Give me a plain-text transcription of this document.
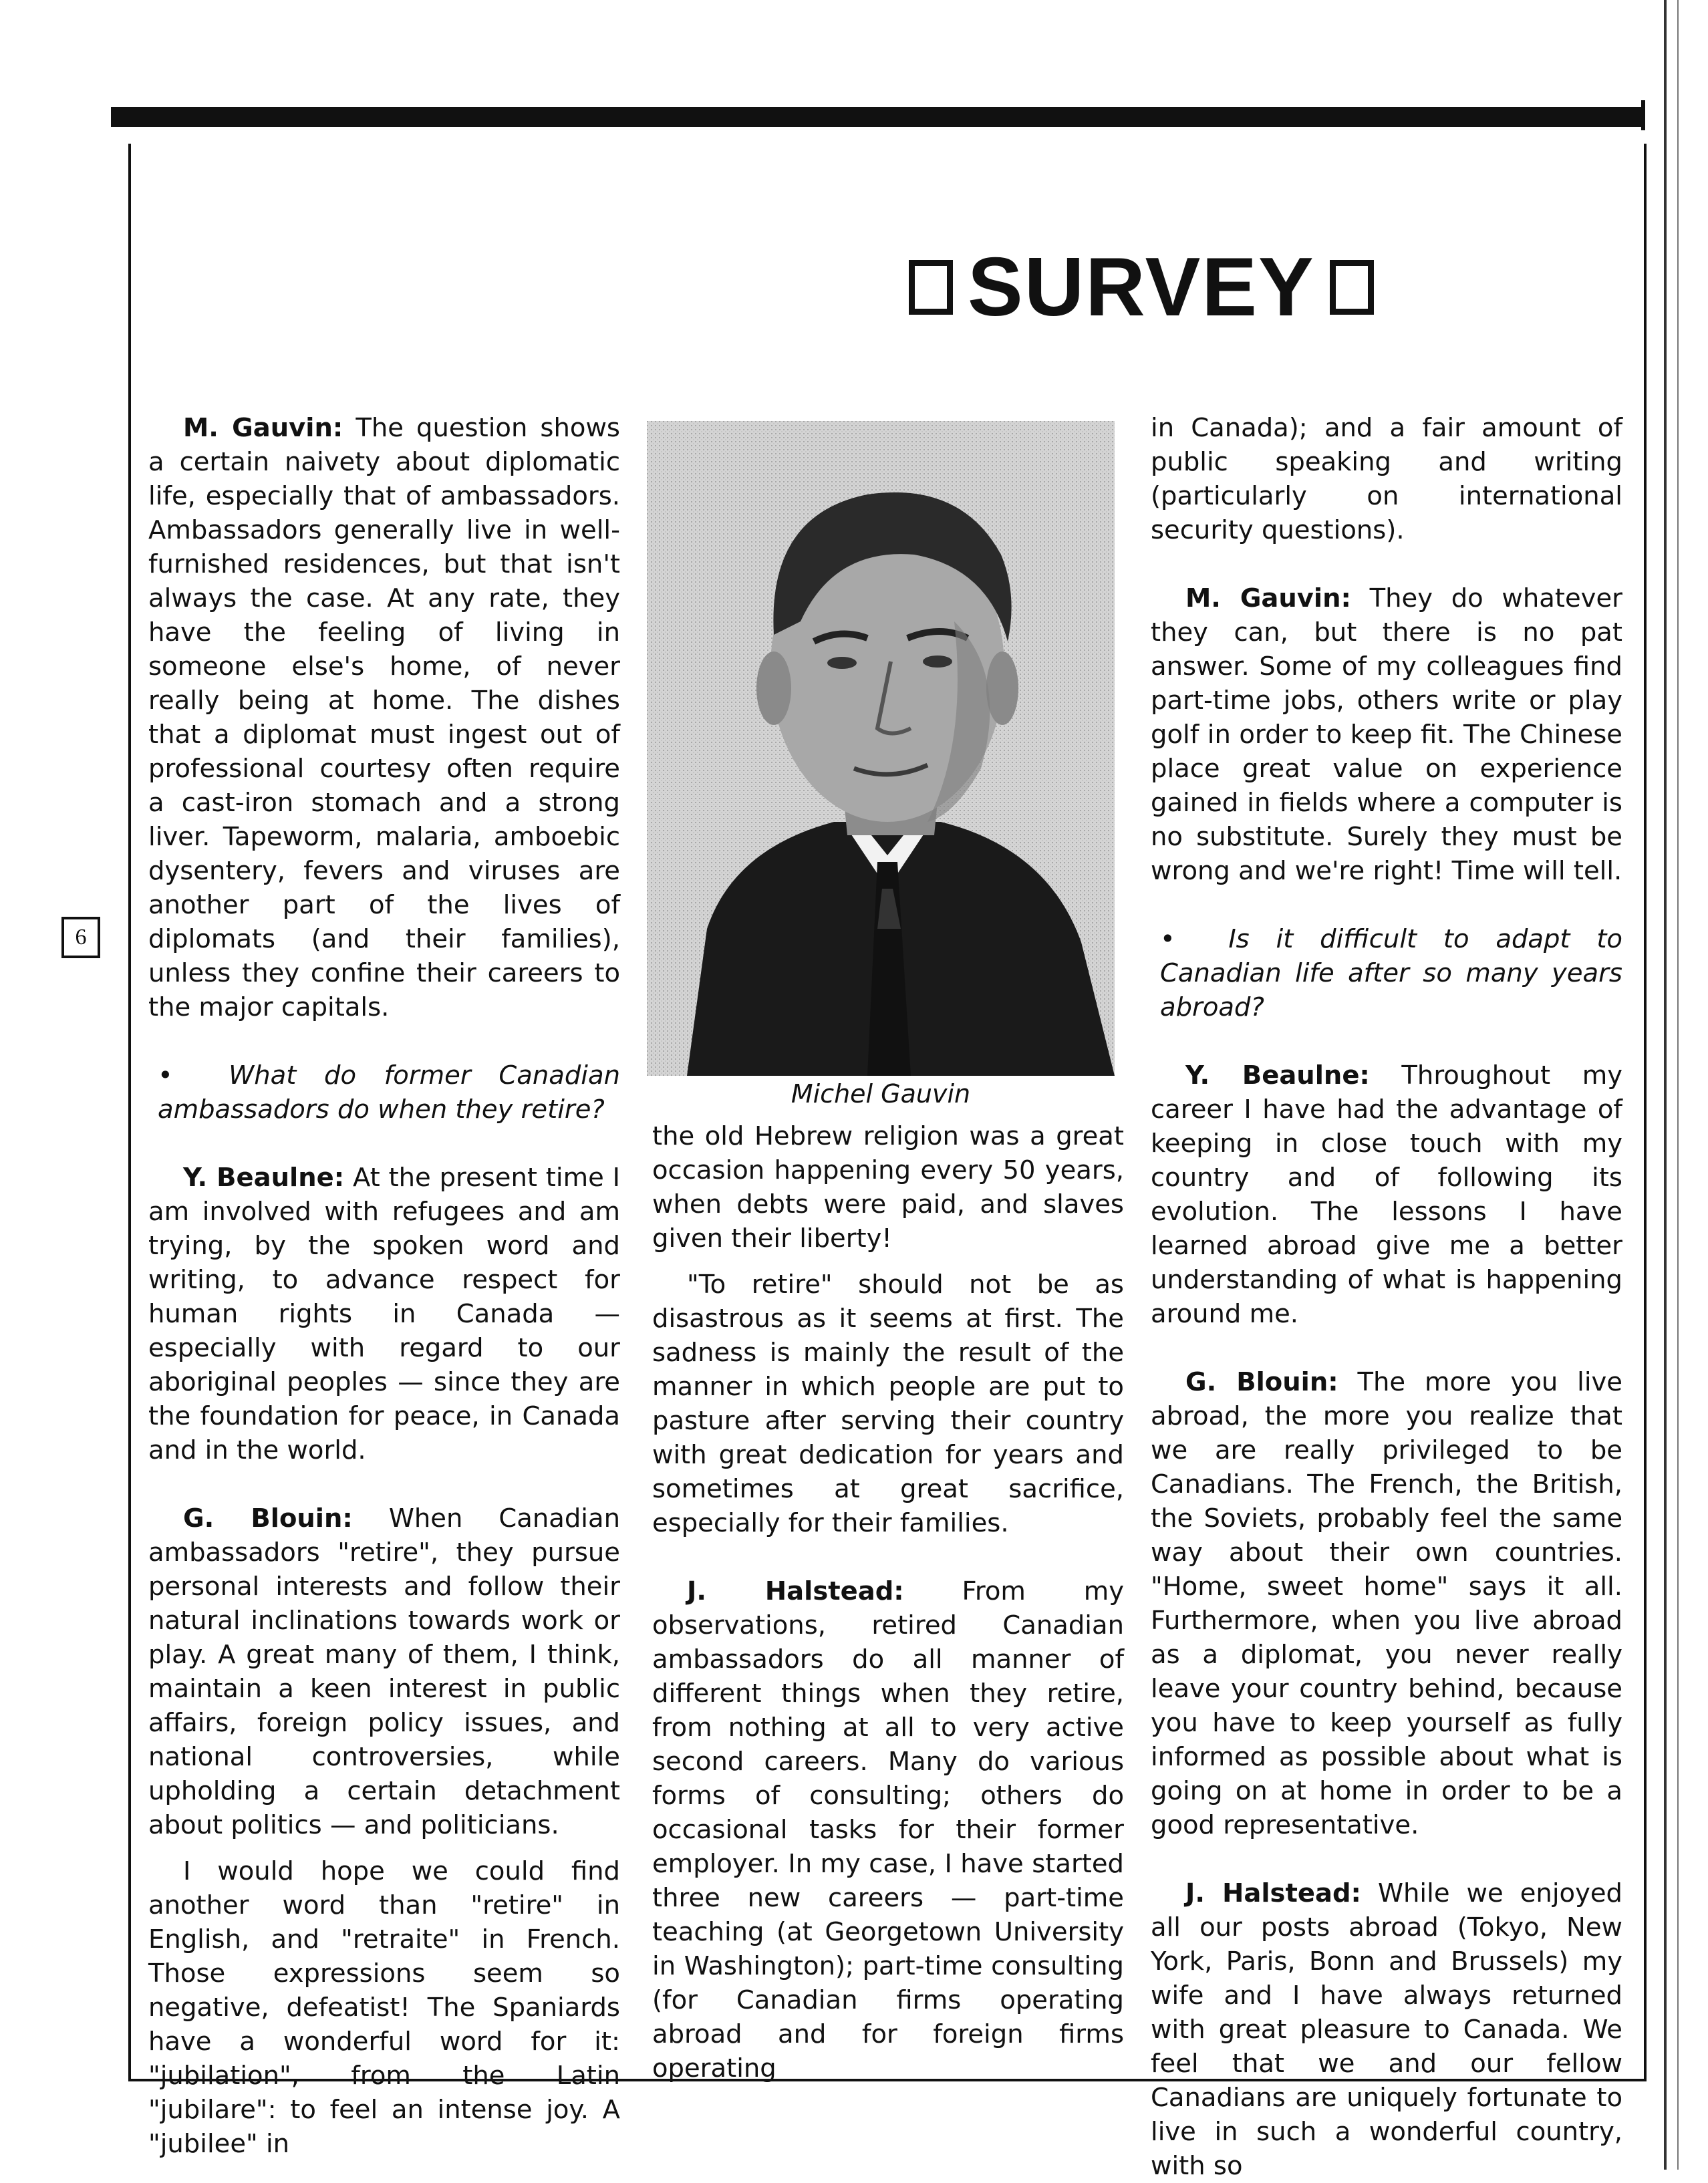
SURVEY
6

M. Gauvin: The question shows a certain naivety about diplomatic life, especially that of ambassadors. Ambassadors generally live in well-furnished residences, but that isn't always the case. At any rate, they have the feeling of living in someone else's home, of never really being at home. The dishes that a diplomat must ingest out of professional courtesy often require a cast-iron stomach and a strong liver. Tapeworm, malaria, amboebic dysentery, fevers and viruses are another part of the lives of diplomats (and their families), unless they confine their careers to the major capitals.

• What do former Canadian ambassadors do when they retire?

Y. Beaulne: At the present time I am involved with refugees and am trying, by the spoken word and writing, to advance respect for human rights in Canada — especially with regard to our aboriginal peoples — since they are the foundation for peace, in Canada and in the world.

G. Blouin: When Canadian ambassadors "retire", they pursue personal interests and follow their natural inclinations towards work or play. A great many of them, I think, maintain a keen interest in public affairs, foreign policy issues, and national controversies, while upholding a certain detachment about politics — and politicians.

I would hope we could find another word than "retire" in English, and "retraite" in French. Those expressions seem so negative, defeatist! The Spaniards have a wonderful word for it: "jubilation", from the Latin "jubilare": to feel an intense joy. A "jubilee" in

Michel Gauvin

the old Hebrew religion was a great occasion happening every 50 years, when debts were paid, and slaves given their liberty!

"To retire" should not be as disastrous as it seems at first. The sadness is mainly the result of the manner in which people are put to pasture after serving their country with great dedication for years and sometimes at great sacrifice, especially for their families.

J. Halstead: From my observations, retired Canadian ambassadors do all manner of different things when they retire, from nothing at all to very active second careers. Many do various forms of consulting; others do occasional tasks for their former employer. In my case, I have started three new careers — part-time teaching (at Georgetown University in Washington); part-time consulting (for Canadian firms operating abroad and for foreign firms operating

in Canada); and a fair amount of public speaking and writing (particularly on international security questions).

M. Gauvin: They do whatever they can, but there is no pat answer. Some of my colleagues find part-time jobs, others write or play golf in order to keep fit. The Chinese place great value on experience gained in fields where a computer is no substitute. Surely they must be wrong and we're right! Time will tell.

• Is it difficult to adapt to Canadian life after so many years abroad?

Y. Beaulne: Throughout my career I have had the advantage of keeping in close touch with my country and of following its evolution. The lessons I have learned abroad give me a better understanding of what is happening around me.

G. Blouin: The more you live abroad, the more you realize that we are really privileged to be Canadians. The French, the British, the Soviets, probably feel the same way about their own countries. "Home, sweet home" says it all. Furthermore, when you live abroad as a diplomat, you never really leave your country behind, because you have to keep yourself as fully informed as possible about what is going on at home in order to be a good representative.

J. Halstead: While we enjoyed all our posts abroad (Tokyo, New York, Paris, Bonn and Brussels) my wife and I have always returned with great pleasure to Canada. We feel that we and our fellow Canadians are uniquely fortunate to live in such a wonderful country, with so
